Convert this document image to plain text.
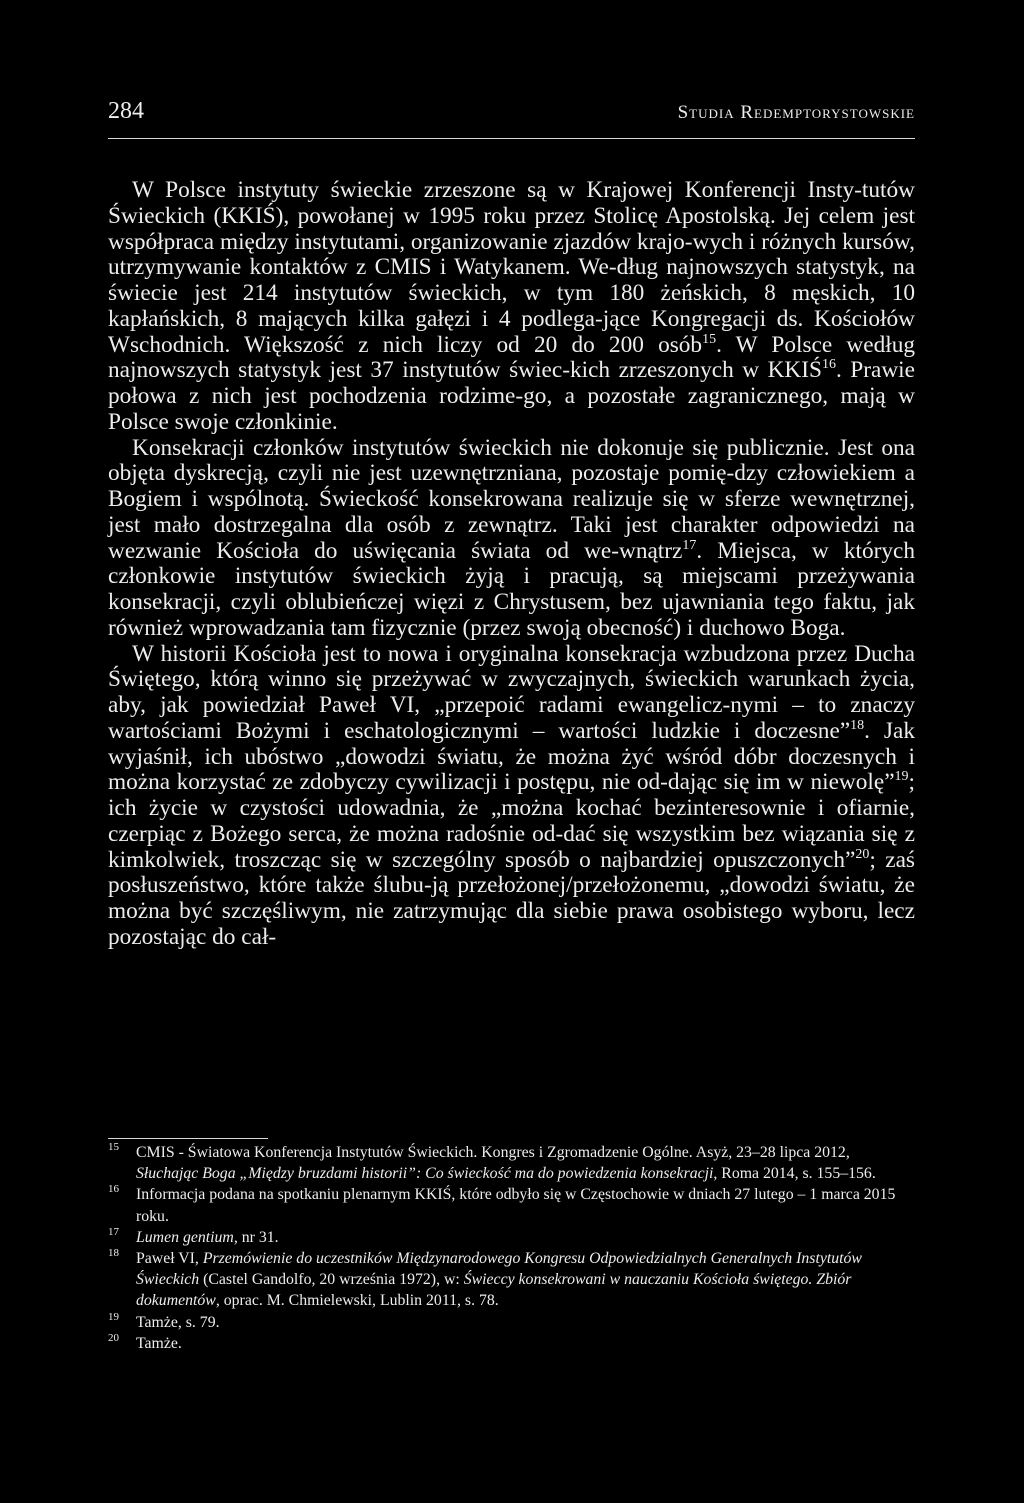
284	Studia Redemptorystowskie

W Polsce instytuty świeckie zrzeszone są w Krajowej Konferencji Insty-tutów Świeckich (KKIŚ), powołanej w 1995 roku przez Stolicę Apostolską. Jej celem jest współpraca między instytutami, organizowanie zjazdów krajo-wych i różnych kursów, utrzymywanie kontaktów z CMIS i Watykanem. We-dług najnowszych statystyk, na świecie jest 214 instytutów świeckich, w tym 180 żeńskich, 8 męskich, 10 kapłańskich, 8 mających kilka gałęzi i 4 podlega-jące Kongregacji ds. Kościołów Wschodnich. Większość z nich liczy od 20 do 200 osób$^{15}$. W Polsce według najnowszych statystyk jest 37 instytutów świec-kich zrzeszonych w KKIŚ$^{16}$. Prawie połowa z nich jest pochodzenia rodzime-go, a pozostałe zagranicznego, mają w Polsce swoje członkinie.

Konsekracji członków instytutów świeckich nie dokonuje się publicznie. Jest ona objęta dyskrecją, czyli nie jest uzewnętrzniana, pozostaje pomię-dzy człowiekiem a Bogiem i wspólnotą. Świeckość konsekrowana realizuje się w sferze wewnętrznej, jest mało dostrzegalna dla osób z zewnątrz. Taki jest charakter odpowiedzi na wezwanie Kościoła do uświęcania świata od we-wnątrz$^{17}$. Miejsca, w których członkowie instytutów świeckich żyją i pracują, są miejscami przeżywania konsekracji, czyli oblubieńczej więzi z Chrystusem, bez ujawniania tego faktu, jak również wprowadzania tam fizycznie (przez swoją obecność) i duchowo Boga.

W historii Kościoła jest to nowa i oryginalna konsekracja wzbudzona przez Ducha Świętego, którą winno się przeżywać w zwyczajnych, świeckich warunkach życia, aby, jak powiedział Paweł VI, „przepoić radami ewangelicz-nymi – to znaczy wartościami Bożymi i eschatologicznymi – wartości ludzkie i doczesne”$^{18}$. Jak wyjaśnił, ich ubóstwo „dowodzi światu, że można żyć wśród dóbr doczesnych i można korzystać ze zdobyczy cywilizacji i postępu, nie od-dając się im w niewolę”$^{19}$; ich życie w czystości udowadnia, że „można kochać bezinteresownie i ofiarnie, czerpiąc z Bożego serca, że można radośnie od-dać się wszystkim bez wiązania się z kimkolwiek, troszcząc się w szczególny sposób o najbardziej opuszczonych”$^{20}$; zaś posłuszeństwo, które także ślubu-ją przełożonej/przełożonemu, „dowodzi światu, że można być szczęśliwym, nie zatrzymując dla siebie prawa osobistego wyboru, lecz pozostając do cał-

15	CMIS - Światowa Konferencja Instytutów Świeckich. Kongres i Zgromadzenie Ogólne. Asyż, 23–28 lipca 2012, Słuchając Boga „Między bruzdami historii”: Co świeckość ma do powiedzenia konsekracji, Roma 2014, s. 155–156.
16	Informacja podana na spotkaniu plenarnym KKIŚ, które odbyło się w Częstochowie w dniach 27 lutego – 1 marca 2015 roku.
17	Lumen gentium, nr 31.
18	Paweł VI, Przemówienie do uczestników Międzynarodowego Kongresu Odpowiedzialnych Generalnych Instytutów Świeckich (Castel Gandolfo, 20 września 1972), w: Świeccy konsekrowani w nauczaniu Kościoła świętego. Zbiór dokumentów, oprac. M. Chmielewski, Lublin 2011, s. 78.
19	Tamże, s. 79.
20	Tamże.
